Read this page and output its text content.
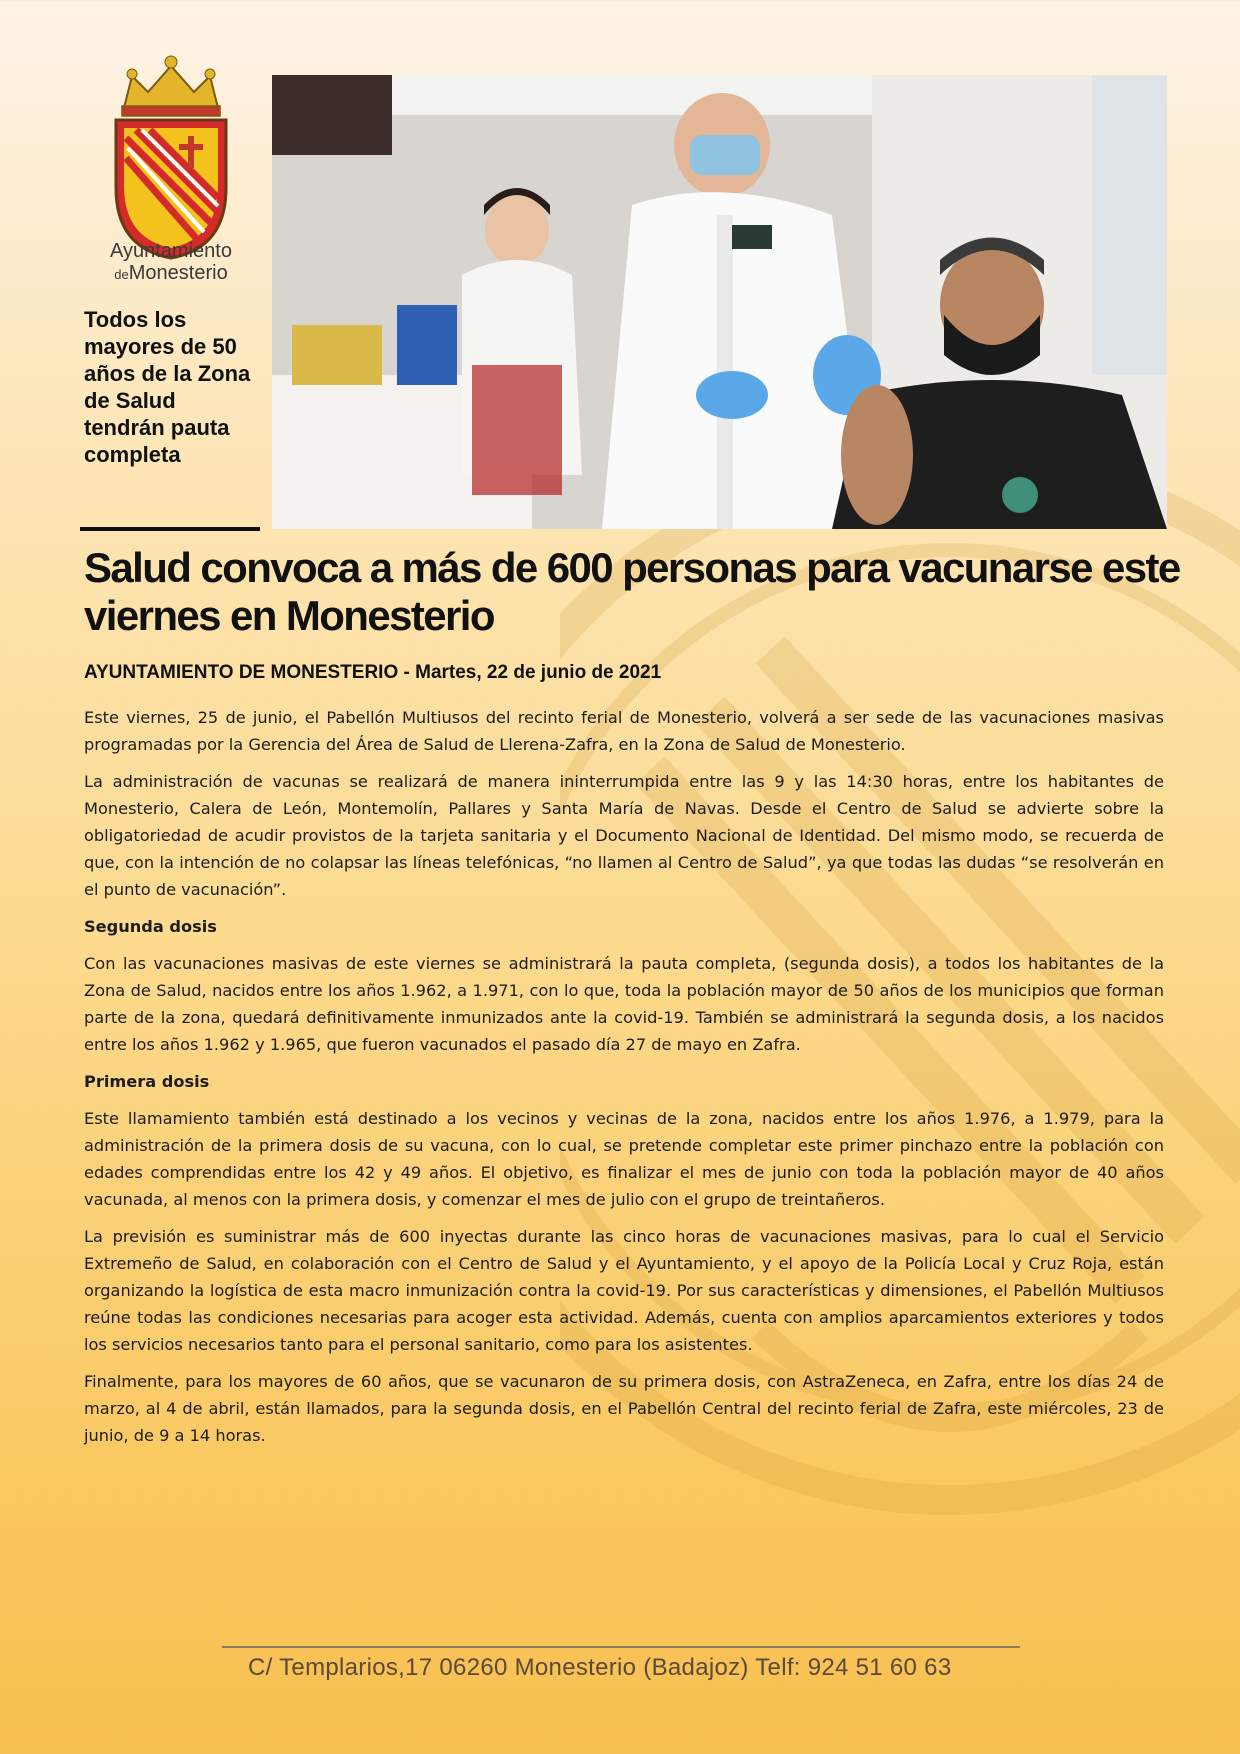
Ayuntamiento
deMonesterio
Todos los mayores de 50 años de la Zona de Salud tendrán pauta completa
Salud convoca a más de 600 personas para vacunarse este viernes en Monesterio
AYUNTAMIENTO DE MONESTERIO - Martes, 22 de junio de 2021

Este viernes, 25 de junio, el Pabellón Multiusos del recinto ferial de Monesterio, volverá a ser sede de las vacunaciones masivas programadas por la Gerencia del Área de Salud de Llerena-Zafra, en la Zona de Salud de Monesterio.

La administración de vacunas se realizará de manera ininterrumpida entre las 9 y las 14:30 horas, entre los habitantes de Monesterio, Calera de León, Montemolín, Pallares y Santa María de Navas. Desde el Centro de Salud se advierte sobre la obligatoriedad de acudir provistos de la tarjeta sanitaria y el Documento Nacional de Identidad. Del mismo modo, se recuerda de que, con la intención de no colapsar las líneas telefónicas, “no llamen al Centro de Salud”, ya que todas las dudas “se resolverán en el punto de vacunación”.

Segunda dosis

Con las vacunaciones masivas de este viernes se administrará la pauta completa, (segunda dosis), a todos los habitantes de la Zona de Salud, nacidos entre los años 1.962, a 1.971, con lo que, toda la población mayor de 50 años de los municipios que forman parte de la zona, quedará definitivamente inmunizados ante la covid-19. También se administrará la segunda dosis, a los nacidos entre los años 1.962 y 1.965, que fueron vacunados el pasado día 27 de mayo en Zafra.

Primera dosis

Este llamamiento también está destinado a los vecinos y vecinas de la zona, nacidos entre los años 1.976, a 1.979, para la administración de la primera dosis de su vacuna, con lo cual, se pretende completar este primer pinchazo entre la población con edades comprendidas entre los 42 y 49 años. El objetivo, es finalizar el mes de junio con toda la población mayor de 40 años vacunada, al menos con la primera dosis, y comenzar el mes de julio con el grupo de treintañeros.

La previsión es suministrar más de 600 inyectas durante las cinco horas de vacunaciones masivas, para lo cual el Servicio Extremeño de Salud, en colaboración con el Centro de Salud y el Ayuntamiento, y el apoyo de la Policía Local y Cruz Roja, están organizando la logística de esta macro inmunización contra la covid-19. Por sus características y dimensiones, el Pabellón Multiusos reúne todas las condiciones necesarias para acoger esta actividad. Además, cuenta con amplios aparcamientos exteriores y todos los servicios necesarios tanto para el personal sanitario, como para los asistentes.

Finalmente, para los mayores de 60 años, que se vacunaron de su primera dosis, con AstraZeneca, en Zafra, entre los días 24 de marzo, al 4 de abril, están llamados, para la segunda dosis, en el Pabellón Central del recinto ferial de Zafra, este miércoles, 23 de junio, de 9 a 14 horas.

C/ Templarios,17 06260 Monesterio (Badajoz) Telf: 924 51 60 63
